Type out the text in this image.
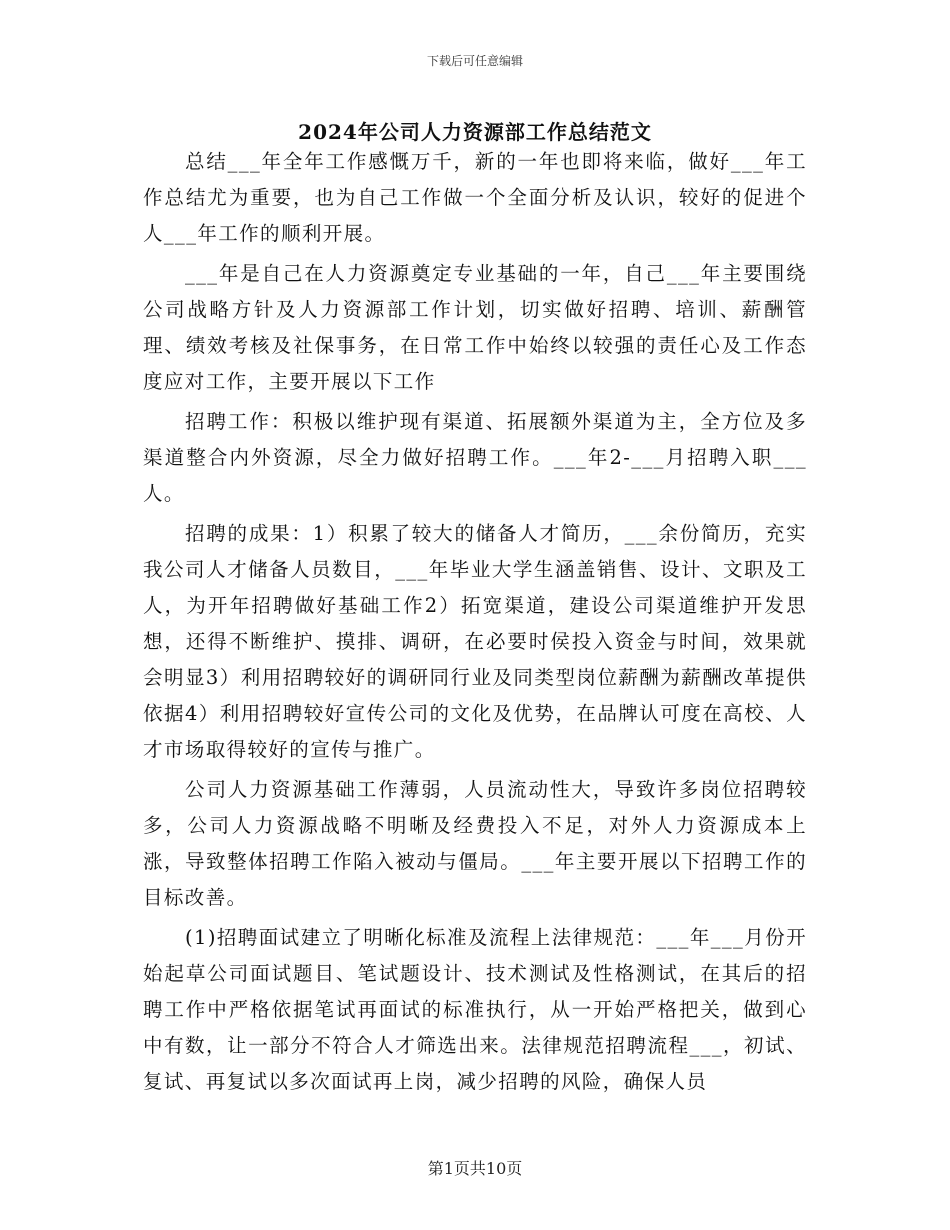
下载后可任意编辑
2024年公司人力资源部工作总结范文

总结___年全年工作感慨万千，新的一年也即将来临，做好___年工作总结尤为重要，也为自己工作做一个全面分析及认识，较好的促进个人___年工作的顺利开展。

___年是自己在人力资源奠定专业基础的一年，自己___年主要围绕公司战略方针及人力资源部工作计划，切实做好招聘、培训、薪酬管理、绩效考核及社保事务，在日常工作中始终以较强的责任心及工作态度应对工作，主要开展以下工作

招聘工作：积极以维护现有渠道、拓展额外渠道为主，全方位及多渠道整合内外资源，尽全力做好招聘工作。___年2-___月招聘入职___人。

招聘的成果：1）积累了较大的储备人才简历，___余份简历，充实我公司人才储备人员数目，___年毕业大学生涵盖销售、设计、文职及工人，为开年招聘做好基础工作2）拓宽渠道，建设公司渠道维护开发思想，还得不断维护、摸排、调研，在必要时侯投入资金与时间，效果就会明显3）利用招聘较好的调研同行业及同类型岗位薪酬为薪酬改革提供依据4）利用招聘较好宣传公司的文化及优势，在品牌认可度在高校、人才市场取得较好的宣传与推广。

公司人力资源基础工作薄弱，人员流动性大，导致许多岗位招聘较多，公司人力资源战略不明晰及经费投入不足，对外人力资源成本上涨，导致整体招聘工作陷入被动与僵局。___年主要开展以下招聘工作的目标改善。

(1)招聘面试建立了明晰化标准及流程上法律规范：___年___月份开始起草公司面试题目、笔试题设计、技术测试及性格测试，在其后的招聘工作中严格依据笔试再面试的标准执行，从一开始严格把关，做到心中有数，让一部分不符合人才筛选出来。法律规范招聘流程___，初试、复试、再复试以多次面试再上岗，减少招聘的风险，确保人员

第1页共10页
